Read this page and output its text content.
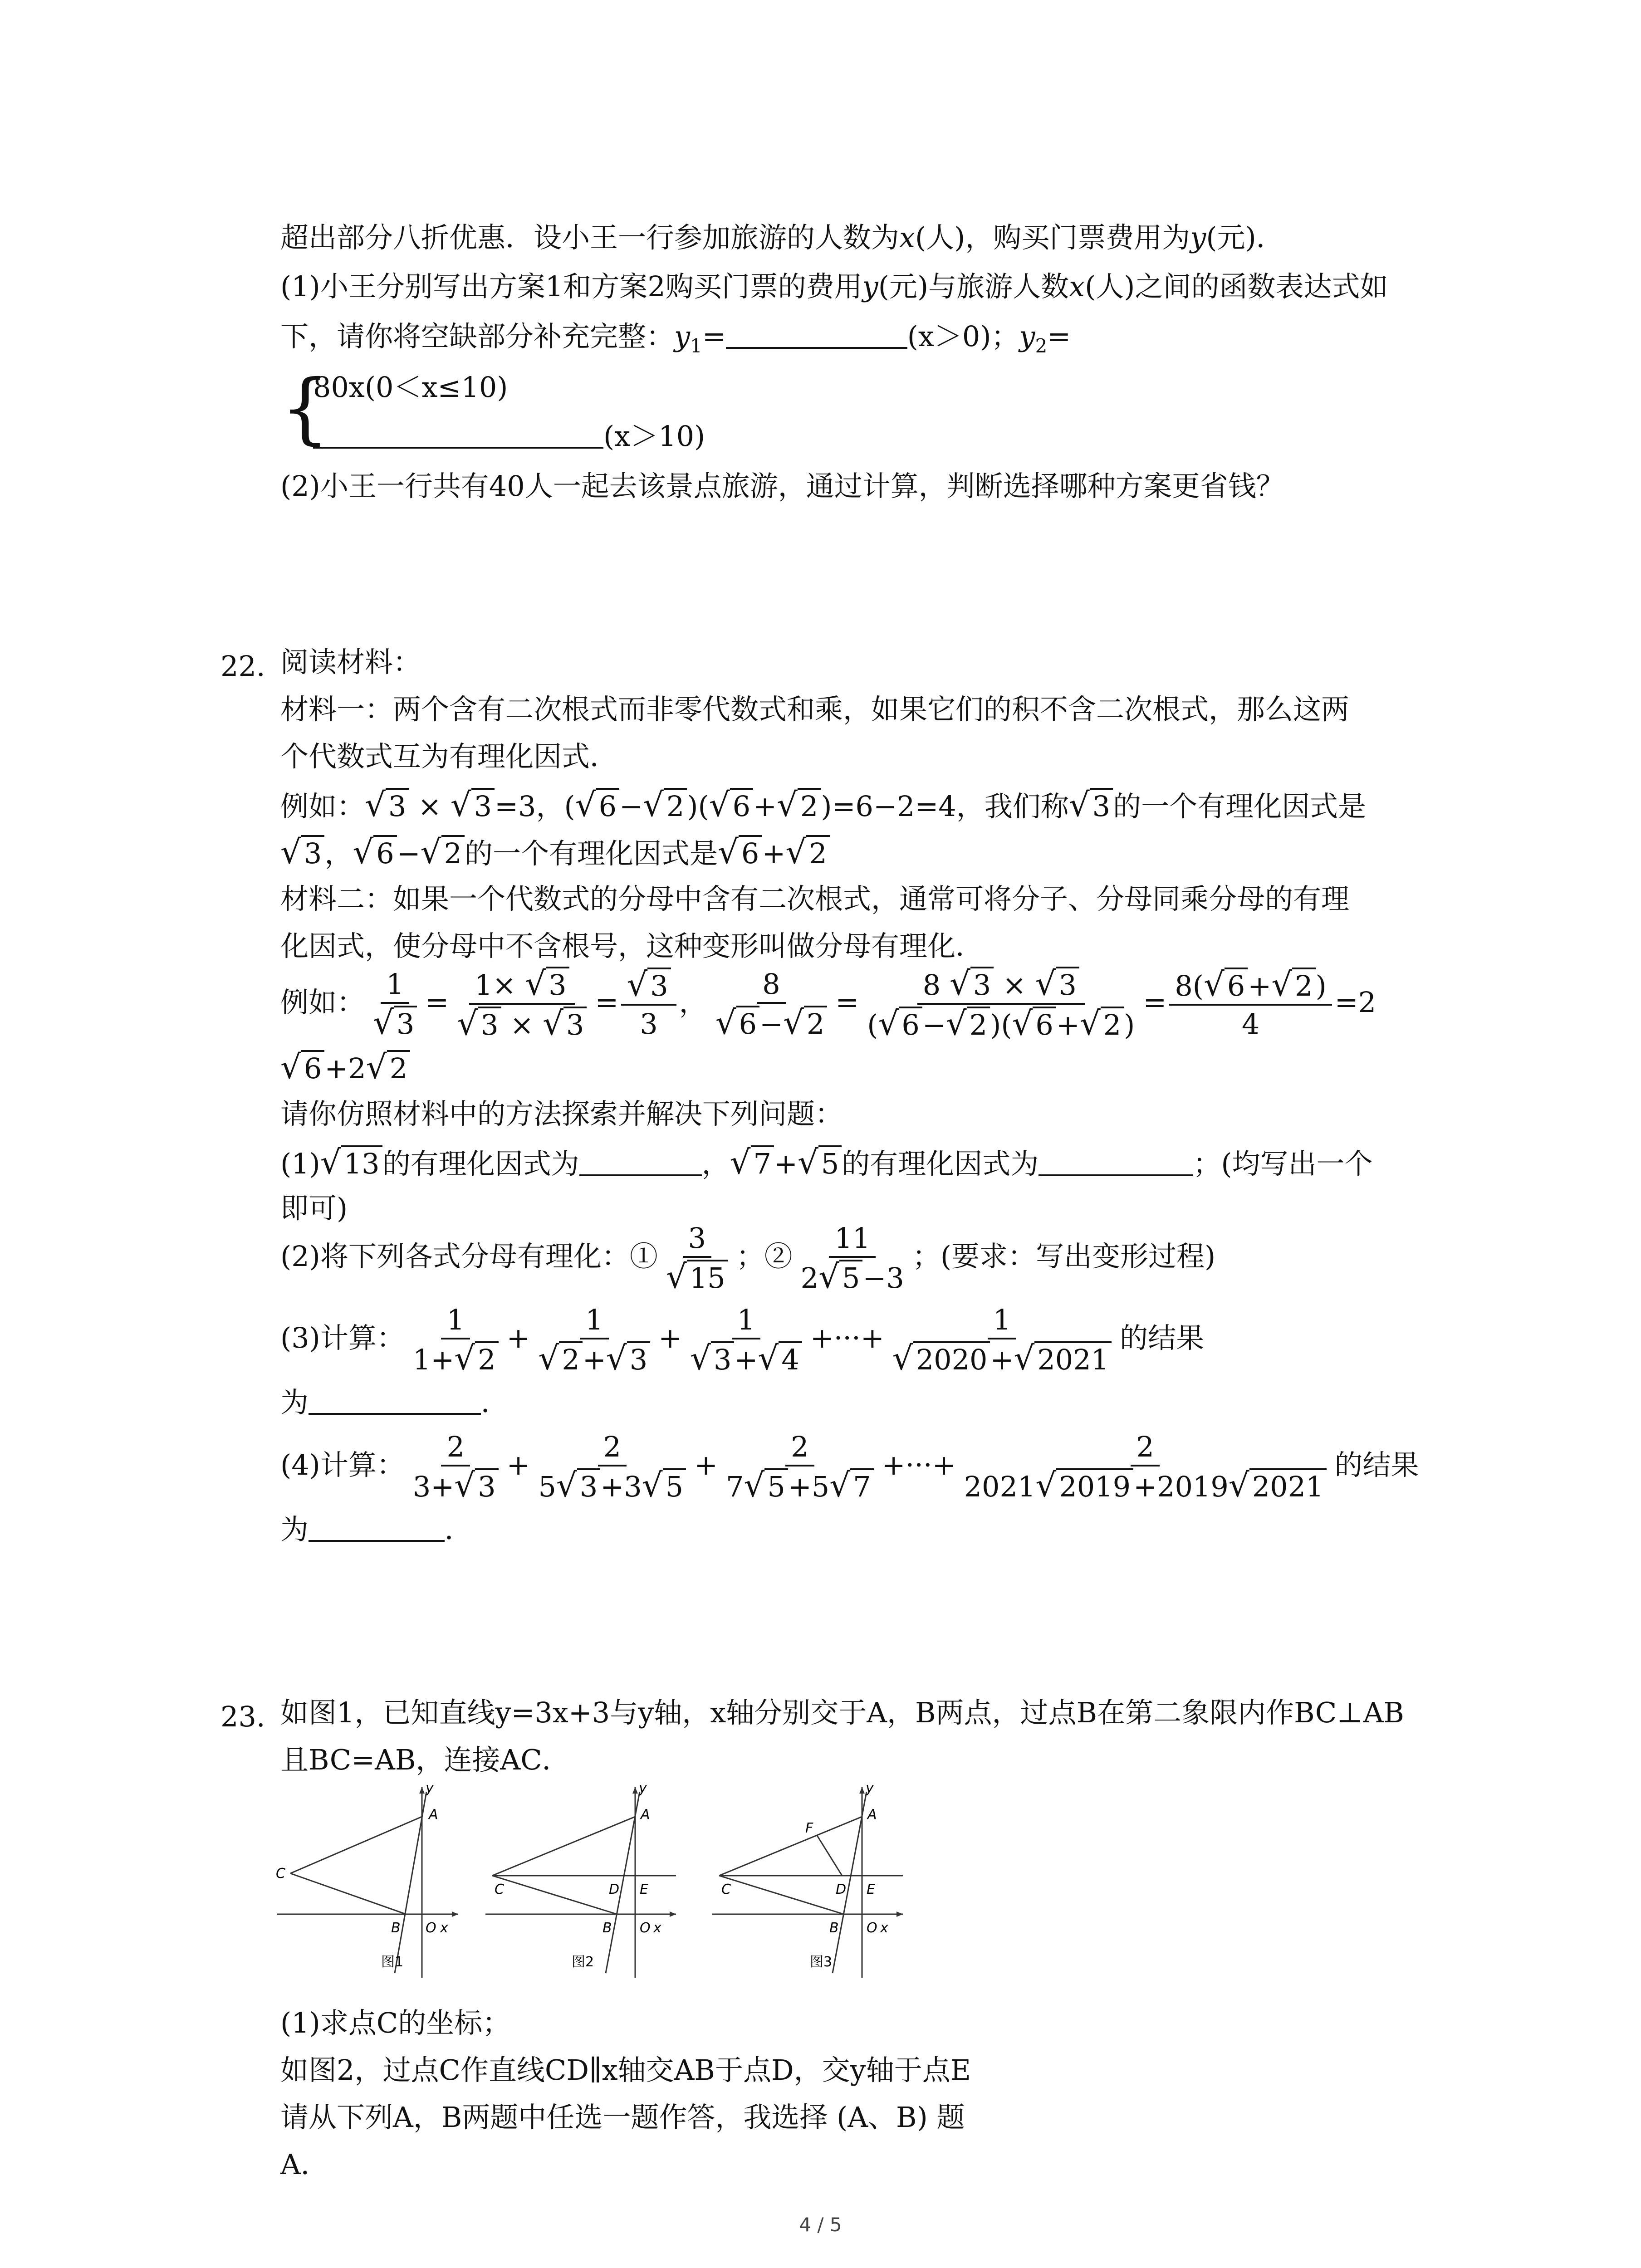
超出部分八折优惠．设小王一行参加旅游的人数为x(人)，购买门票费用为y(元)．
(1)小王分别写出方案1和方案2购买门票的费用y(元)与旅游人数x(人)之间的函数表达式如
下，请你将空缺部分补充完整：$y_1=$	(x＞0)；$y_2=$
{
80x(0＜x≤10)
(x＞10)
(2)小王一行共有40人一起去该景点旅游，通过计算，判断选择哪种方案更省钱？
22. 阅读材料：
材料一：两个含有二次根式而非零代数式和乘，如果它们的积不含二次根式，那么这两
个代数式互为有理化因式．
例如：√3 × √3=3，(√6−√2)(√6+√2)=6−2=4，我们称√3的一个有理化因式是
√3，√6−√2的一个有理化因式是√6+√2
材料二：如果一个代数式的分母中含有二次根式，通常可将分子、分母同乘分母的有理
化因式，使分母中不含根号，这种变形叫做分母有理化．
例如： $\frac{1}{√3} = \frac{1\times √3}{√3 \times √3} = \frac{√3}{3}$ ， $\frac{8}{√6-√2} = \frac{8 √3 \times √3}{(√6-√2)(√6+√2)} = \frac{8(√6+√2)}{4} =2$
√6+2√2
请你仿照材料中的方法探索并解决下列问题：
(1)√13的有理化因式为	，√7+√5的有理化因式为	；(均写出一个
即可)
(2)将下列各式分母有理化：① $\frac{3}{√15}$ ；② $\frac{11}{2√5-3}$ ；(要求：写出变形过程)
(3)计算： $\frac{1}{1+√2} + \frac{1}{√2+√3} + \frac{1}{√3+√4}$ +···+ $\frac{1}{√2020+√2021}$ 的结果
为	．
(4)计算： $\frac{2}{3+√3} + \frac{2}{5√3+3√5} + \frac{2}{7√5+5√7}$ +···+ $\frac{2}{2021√2019+2019√2021}$ 的结果
为	．
23. 如图1，已知直线y=3x+3与y轴，x轴分别交于A，B两点，过点B在第二象限内作BC⊥AB
且BC=AB，连接AC．
y
A
C
B O x
图1
y
A
C	D E
B O x
图2
y
A
F
C	D E
B O x
图3
(1)求点C的坐标；
如图2，过点C作直线CD∥x轴交AB于点D，交y轴于点E
请从下列A，B两题中任选一题作答，我选择 (A、B) 题
A．
4 / 5
